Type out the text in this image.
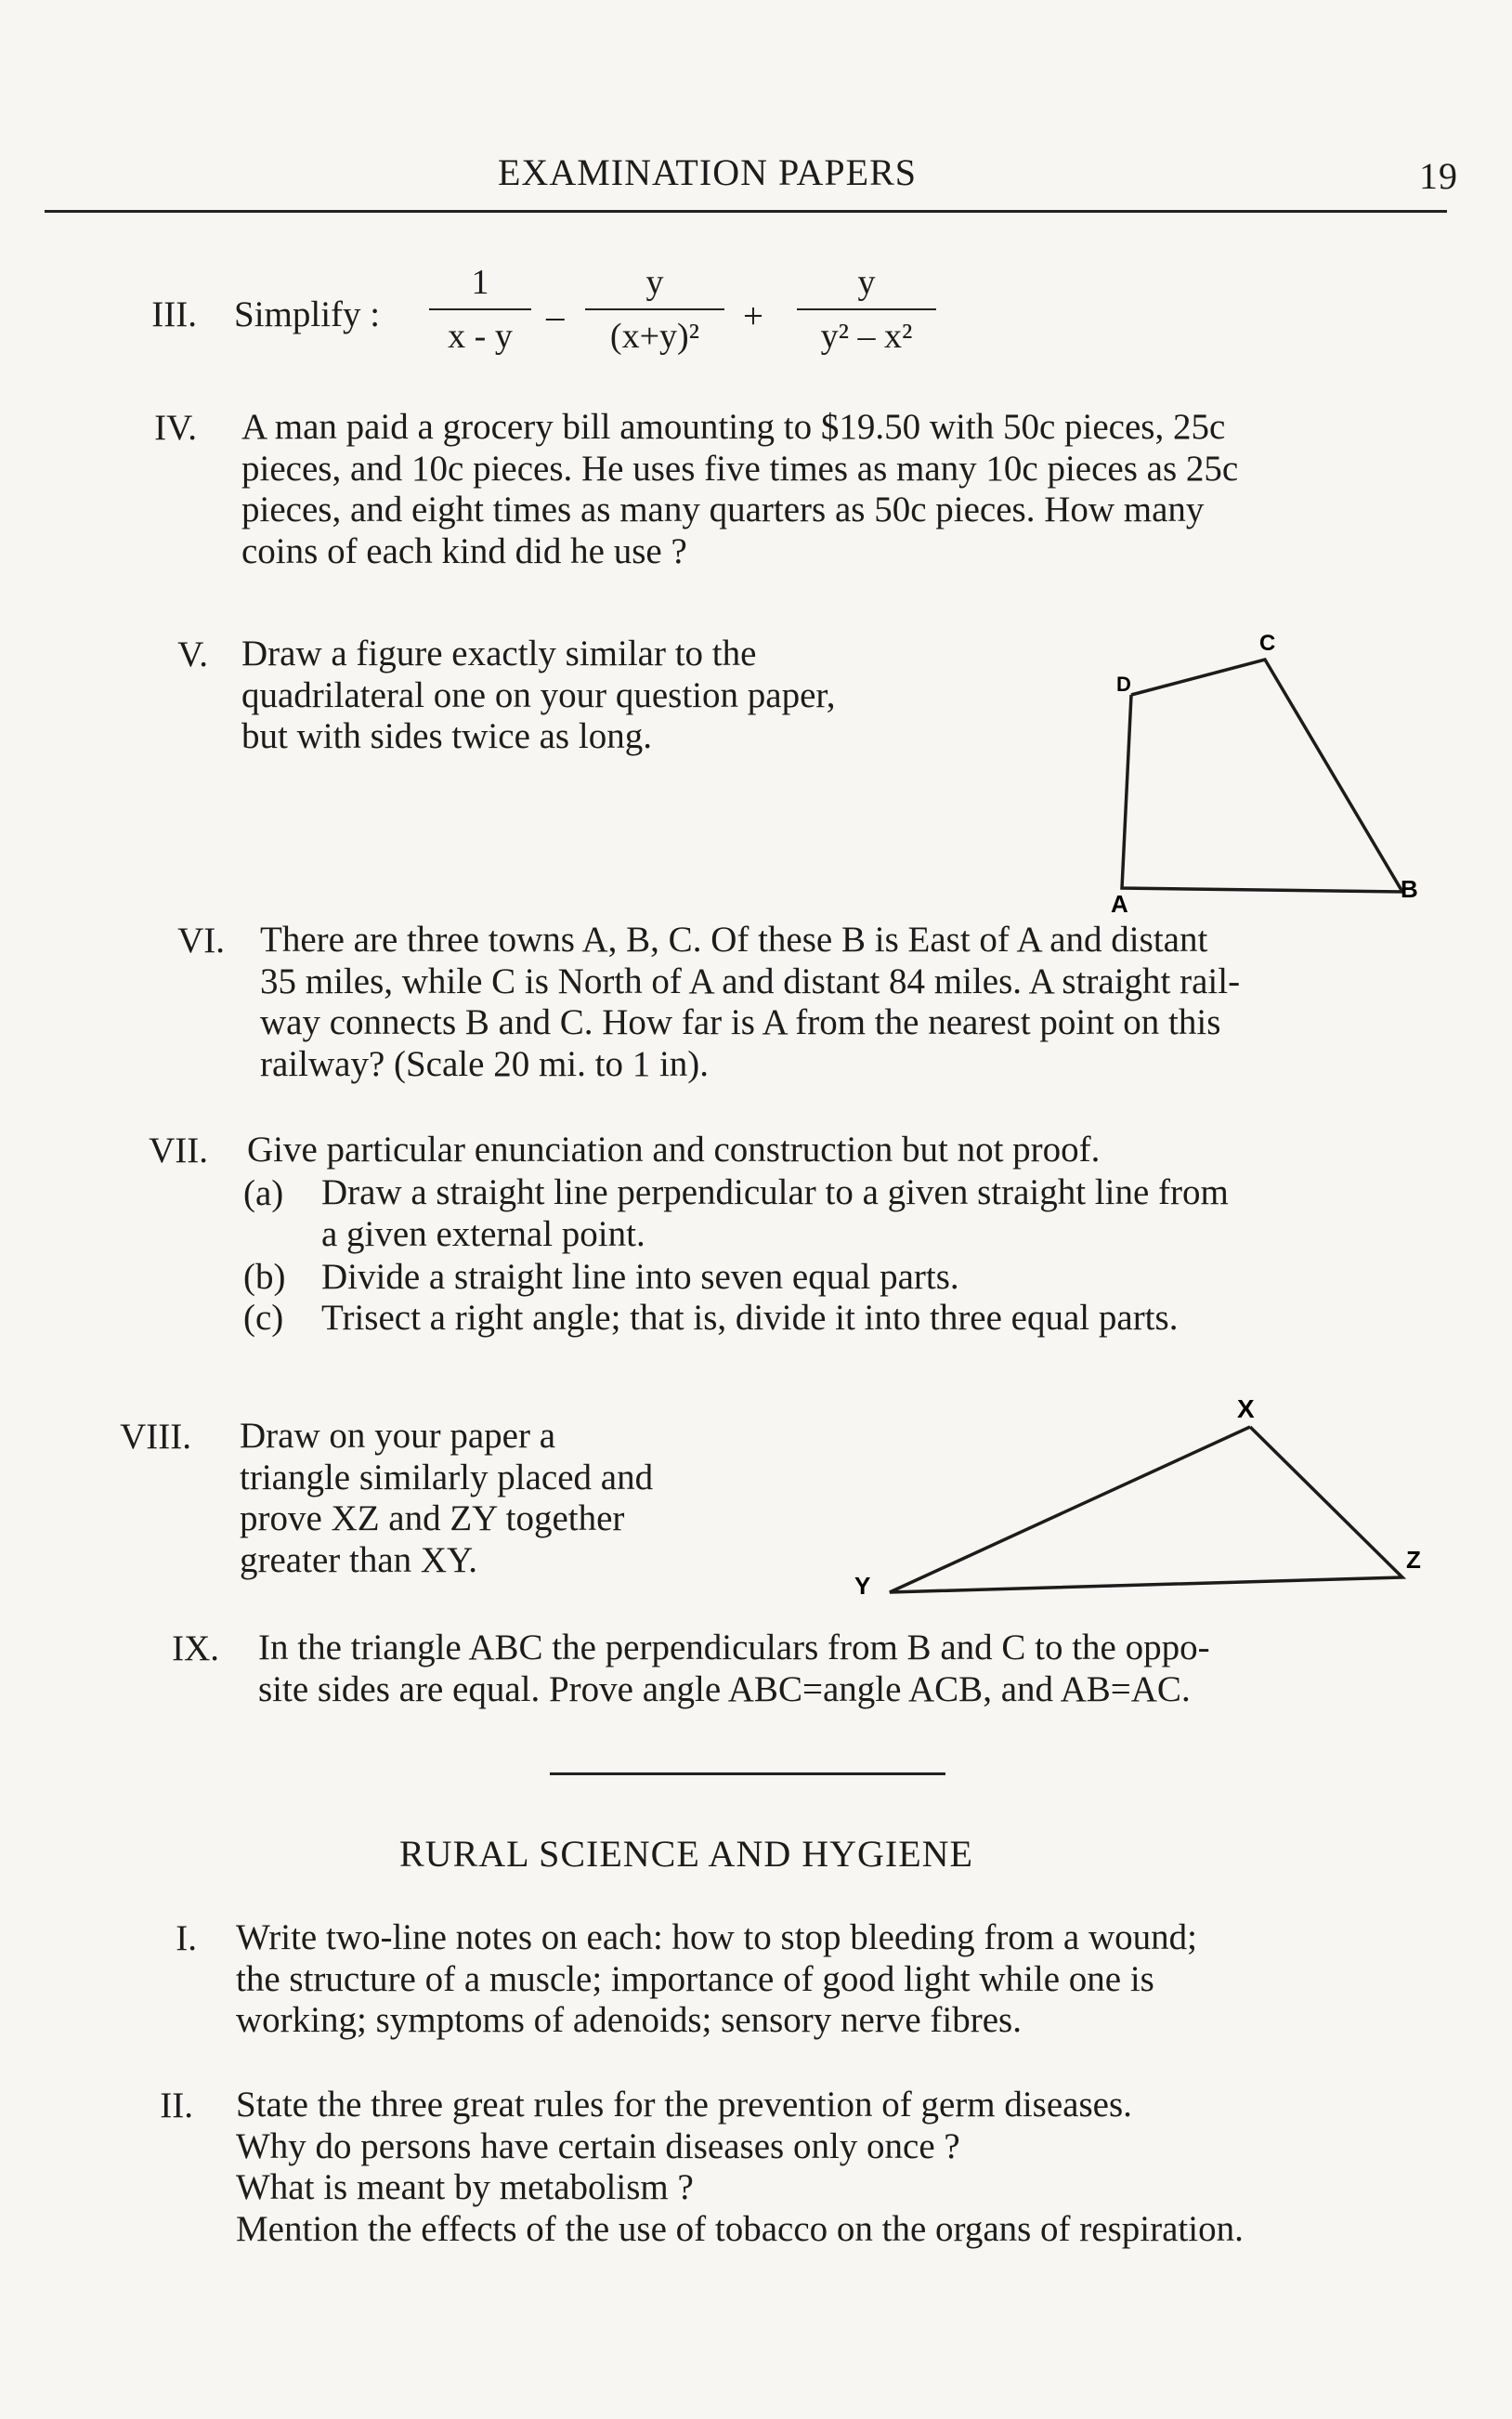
EXAMINATION PAPERS	19
III. Simplify :
1
x - y –
y
(x+y)²	+
y
y² – x²
IV. A man paid a grocery bill amounting to $19.50 with 50c pieces, 25c
pieces, and 10c pieces. He uses five times as many 10c pieces as 25c
pieces, and eight times as many quarters as 50c pieces. How many
coins of each kind did he use ?
V. Draw a figure exactly similar to the
quadrilateral one on your question paper,
but with sides twice as long.
A
B
C
D
VI. There are three towns A, B, C. Of these B is East of A and distant
35 miles, while C is North of A and distant 84 miles. A straight rail-
way connects B and C. How far is A from the nearest point on this
railway? (Scale 20 mi. to 1 in).
VII. Give particular enunciation and construction but not proof.
(a) Draw a straight line perpendicular to a given straight line from
a given external point.
(b) Divide a straight line into seven equal parts.
(c) Trisect a right angle; that is, divide it into three equal parts.
VIII. Draw on your paper a
triangle similarly placed and
prove XZ and ZY together
greater than XY.
X
Y
Z
IX. In the triangle ABC the perpendiculars from B and C to the oppo-
site sides are equal. Prove angle ABC=angle ACB, and AB=AC.
RURAL SCIENCE AND HYGIENE
I. Write two-line notes on each: how to stop bleeding from a wound;
the structure of a muscle; importance of good light while one is
working; symptoms of adenoids; sensory nerve fibres.
II. State the three great rules for the prevention of germ diseases.
Why do persons have certain diseases only once ?
What is meant by metabolism ?
Mention the effects of the use of tobacco on the organs of respiration.
